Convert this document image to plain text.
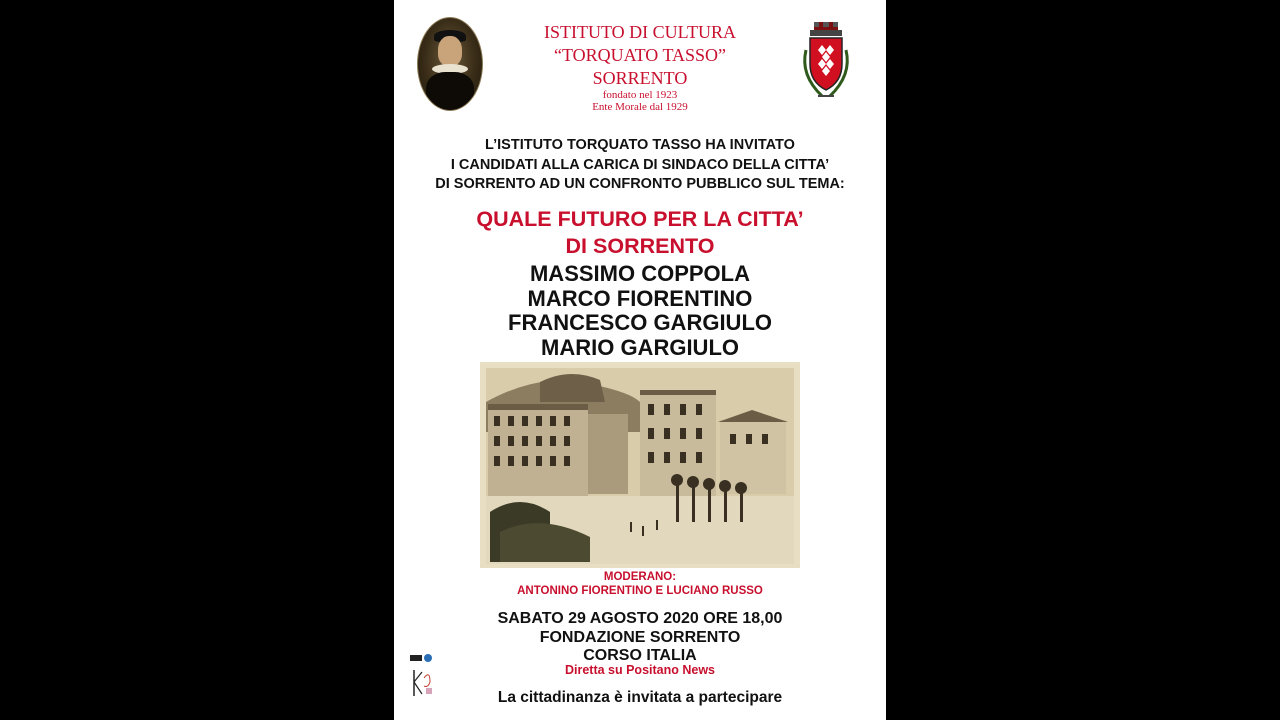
ISTITUTO DI CULTURA
“TORQUATO TASSO”
SORRENTO
fondato nel 1923
Ente Morale dal 1929
L’ISTITUTO TORQUATO TASSO HA INVITATO
I CANDIDATI ALLA CARICA DI SINDACO DELLA CITTA’
DI SORRENTO AD UN CONFRONTO PUBBLICO SUL TEMA:
QUALE FUTURO PER LA CITTA’
DI SORRENTO
MASSIMO COPPOLA
MARCO FIORENTINO
FRANCESCO GARGIULO
MARIO GARGIULO
MODERANO:
ANTONINO FIORENTINO E LUCIANO RUSSO
SABATO 29 AGOSTO 2020 ORE 18,00
FONDAZIONE SORRENTO
CORSO ITALIA
Diretta su Positano News
La cittadinanza è invitata a partecipare
